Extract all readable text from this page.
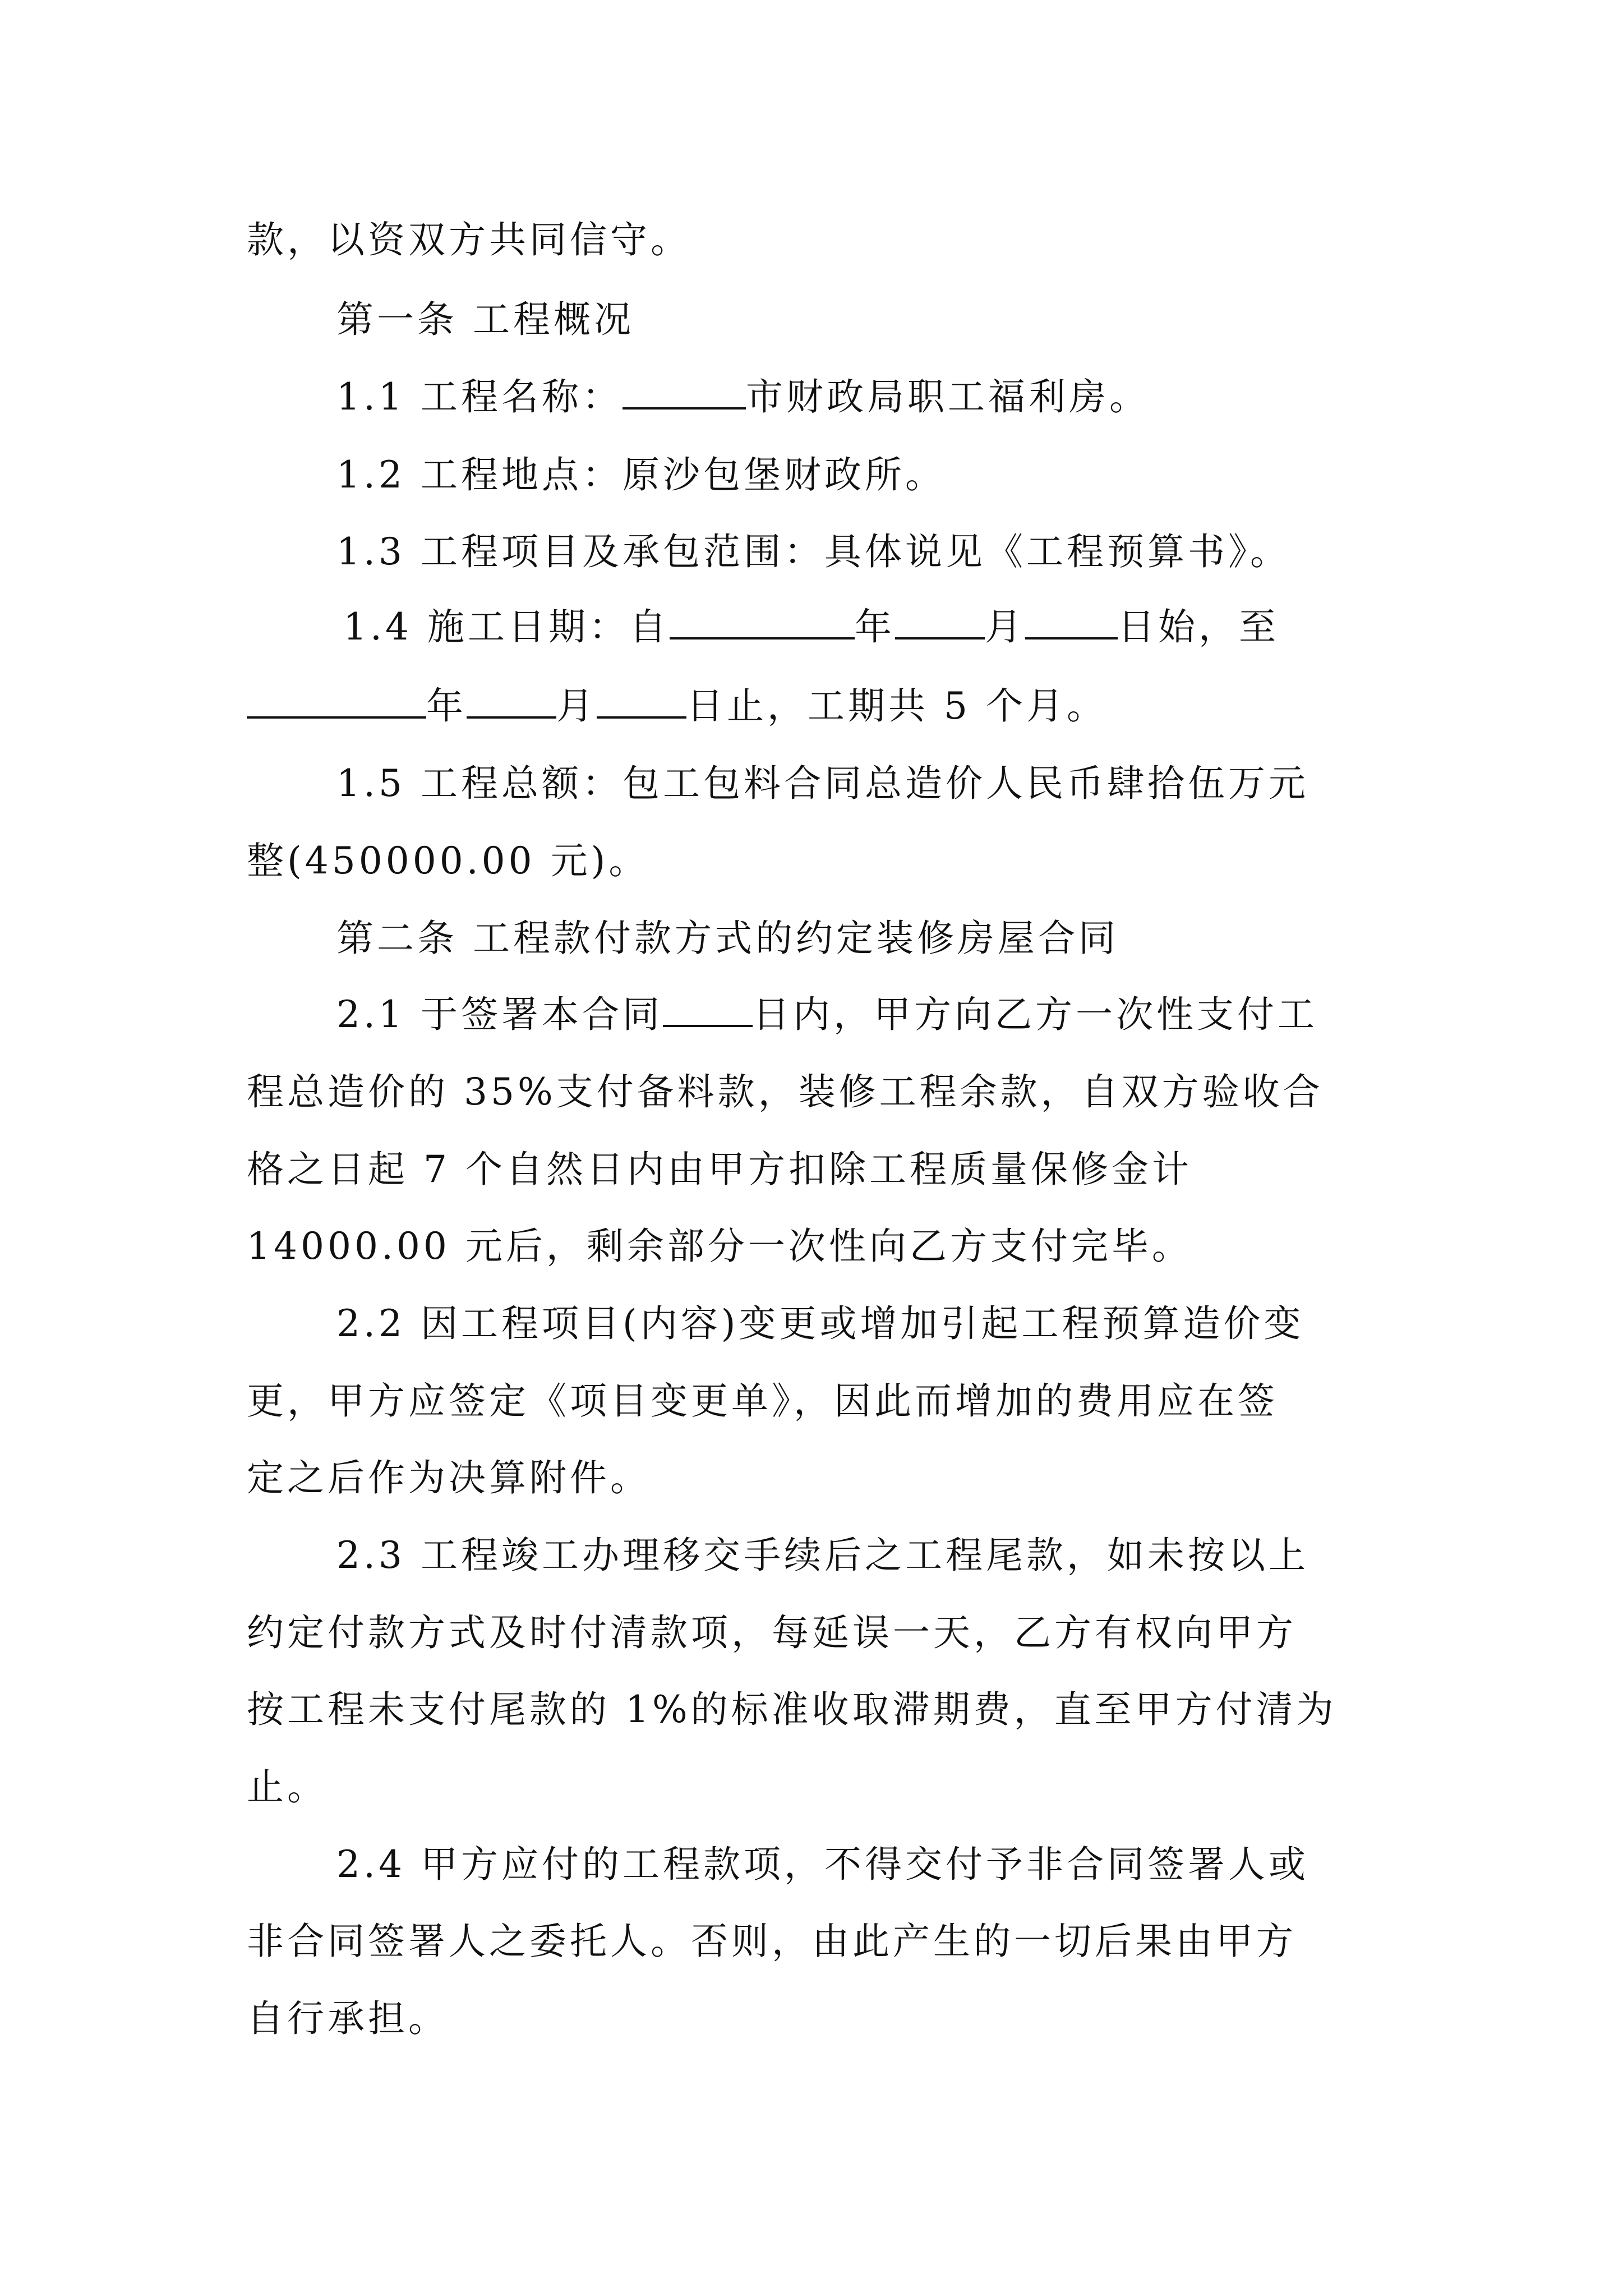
款，以资双方共同信守。
第一条 工程概况
1.1 工程名称：	市财政局职工福利房。
1.2 工程地点：原沙包堡财政所。
1.3 工程项目及承包范围：具体说见《工程预算书》。
1.4 施工日期：自	年 月	日始，至
年 月 日止，工期共 5 个月。
1.5 工程总额：包工包料合同总造价人民币肆拾伍万元
整(450000.00 元)。
第二条 工程款付款方式的约定装修房屋合同
2.1 于签署本合同 日内，甲方向乙方一次性支付工
程总造价的 35%支付备料款，装修工程余款，自双方验收合
格之日起 7 个自然日内由甲方扣除工程质量保修金计
14000.00 元后，剩余部分一次性向乙方支付完毕。
2.2 因工程项目(内容)变更或增加引起工程预算造价变
更，甲方应签定《项目变更单》，因此而增加的费用应在签
定之后作为决算附件。
2.3 工程竣工办理移交手续后之工程尾款，如未按以上
约定付款方式及时付清款项，每延误一天，乙方有权向甲方
按工程未支付尾款的 1%的标准收取滞期费，直至甲方付清为
止。
2.4 甲方应付的工程款项，不得交付予非合同签署人或
非合同签署人之委托人。否则，由此产生的一切后果由甲方
自行承担。
